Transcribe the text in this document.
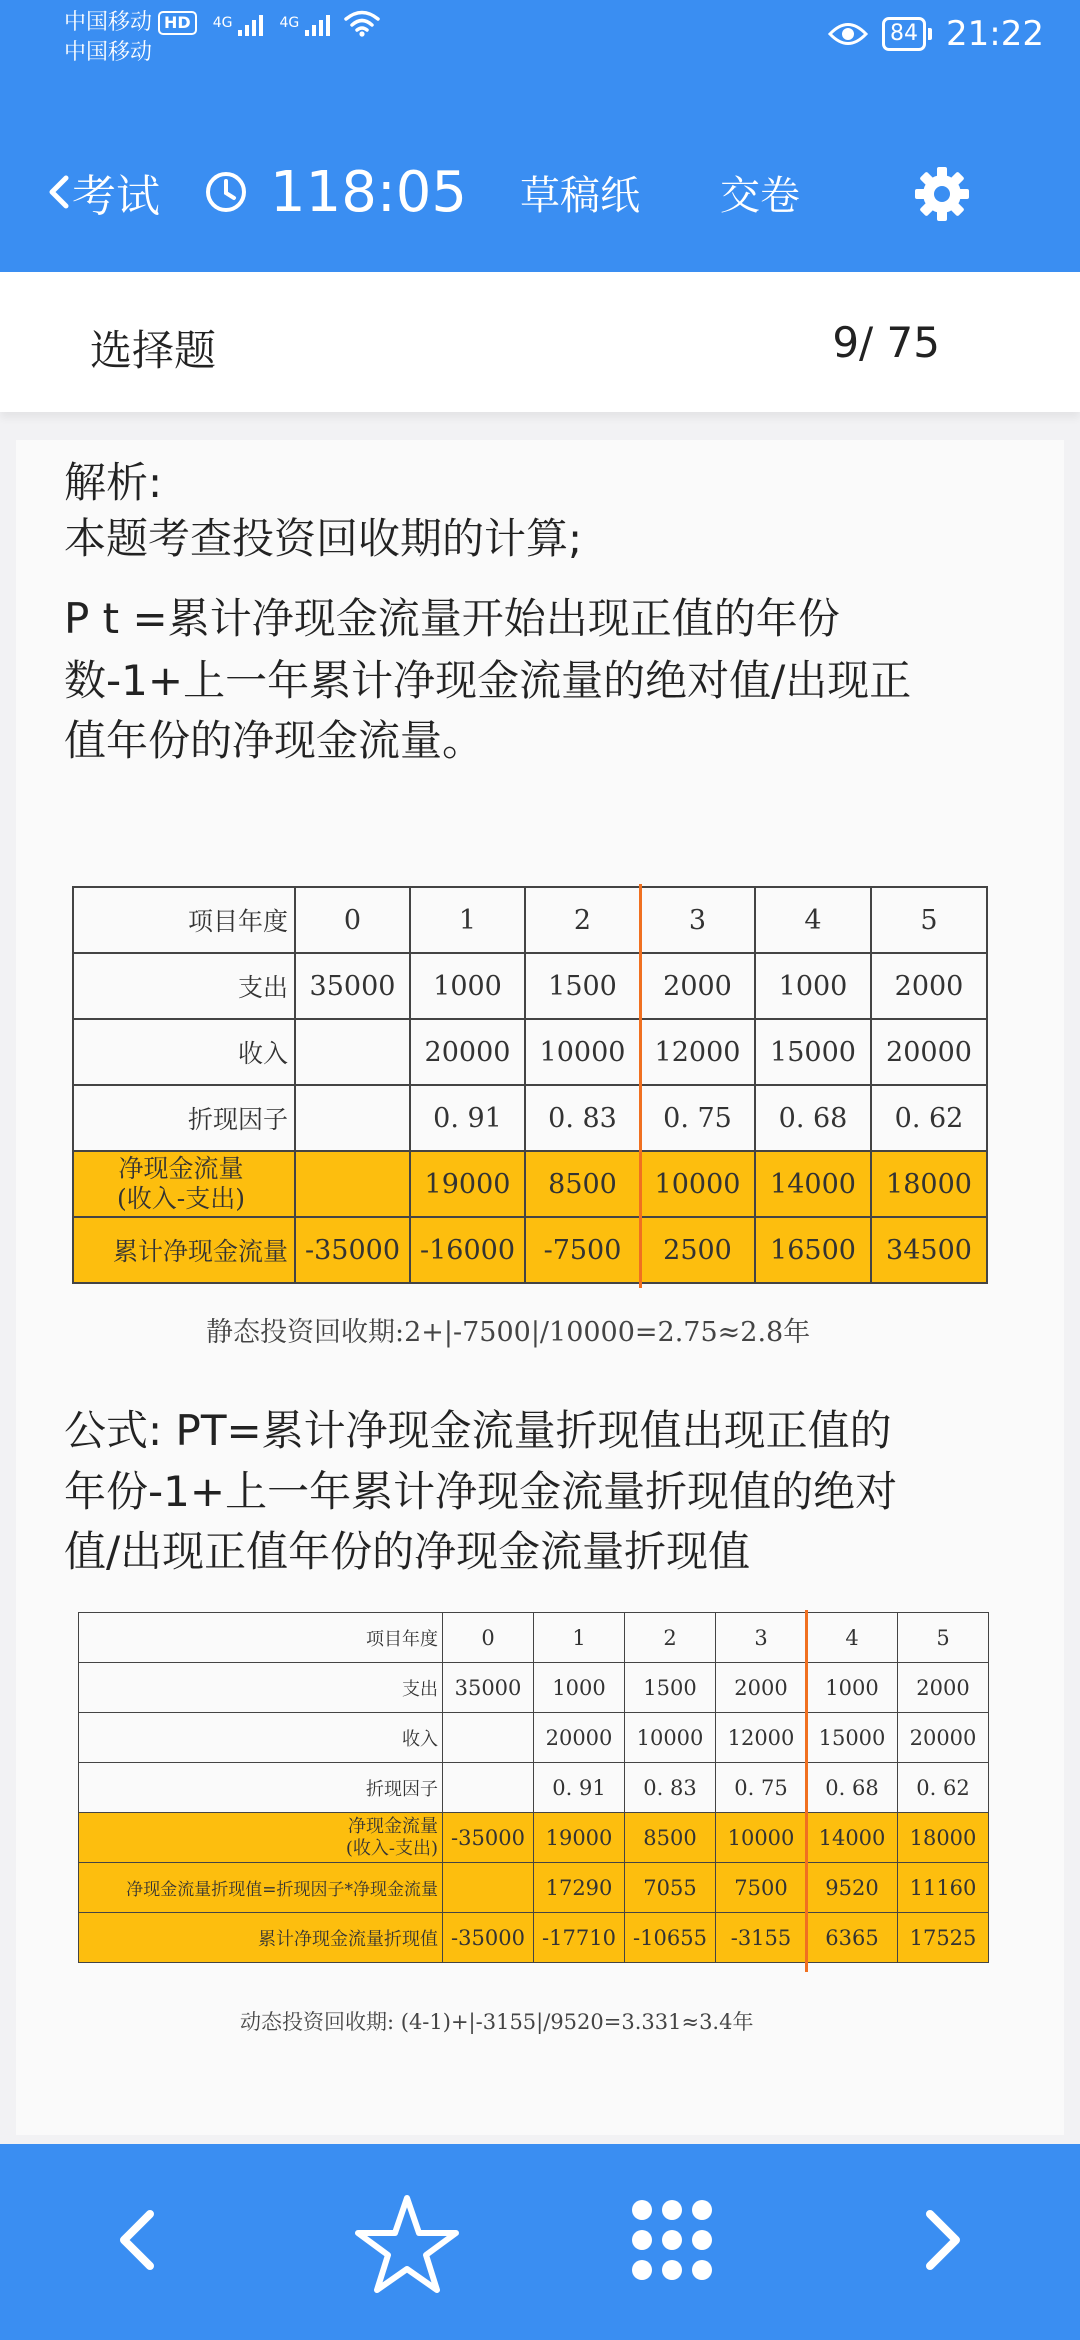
中国移动 HD	4G	4G
中国移动
84 21:22
考试 118:05 草稿纸 交卷
选择题	9/ 75
解析:
本题考查投资回收期的计算;
P t =累计净现金流量开始出现正值的年份
数-1+上一年累计净现金流量的绝对值/出现正
值年份的净现金流量。
项目年度	0	1	2	3	4	5
支出	35000	1000	1500	2000	1000	2000
收入		20000	10000	12000	15000	20000
折现因子		0. 91	0. 83	0. 75	0. 68	0. 62

净现金流量
(收入-支出)		19000	8500	10000	14000	18000
累计净现金流量	-35000	-16000	-7500	2500	16500	34500
静态投资回收期:2+|-7500|/10000=2.75≈2.8年
公式: PT=累计净现金流量折现值出现正值的
年份-1+上一年累计净现金流量折现值的绝对
值/出现正值年份的净现金流量折现值
项目年度	0	1	2	3	4	5
支出	35000	1000	1500	2000	1000	2000
收入		20000	10000	12000	15000	20000
折现因子		0. 91	0. 83	0. 75	0. 68	0. 62

净现金流量
(收入-支出)	-35000	19000	8500	10000	14000	18000
净现金流量折现值=折现因子*净现金流量		17290	7055	7500	9520	11160
累计净现金流量折现值	-35000	-17710	-10655	-3155	6365	17525
动态投资回收期: (4-1)+|-3155|/9520=3.331≈3.4年
